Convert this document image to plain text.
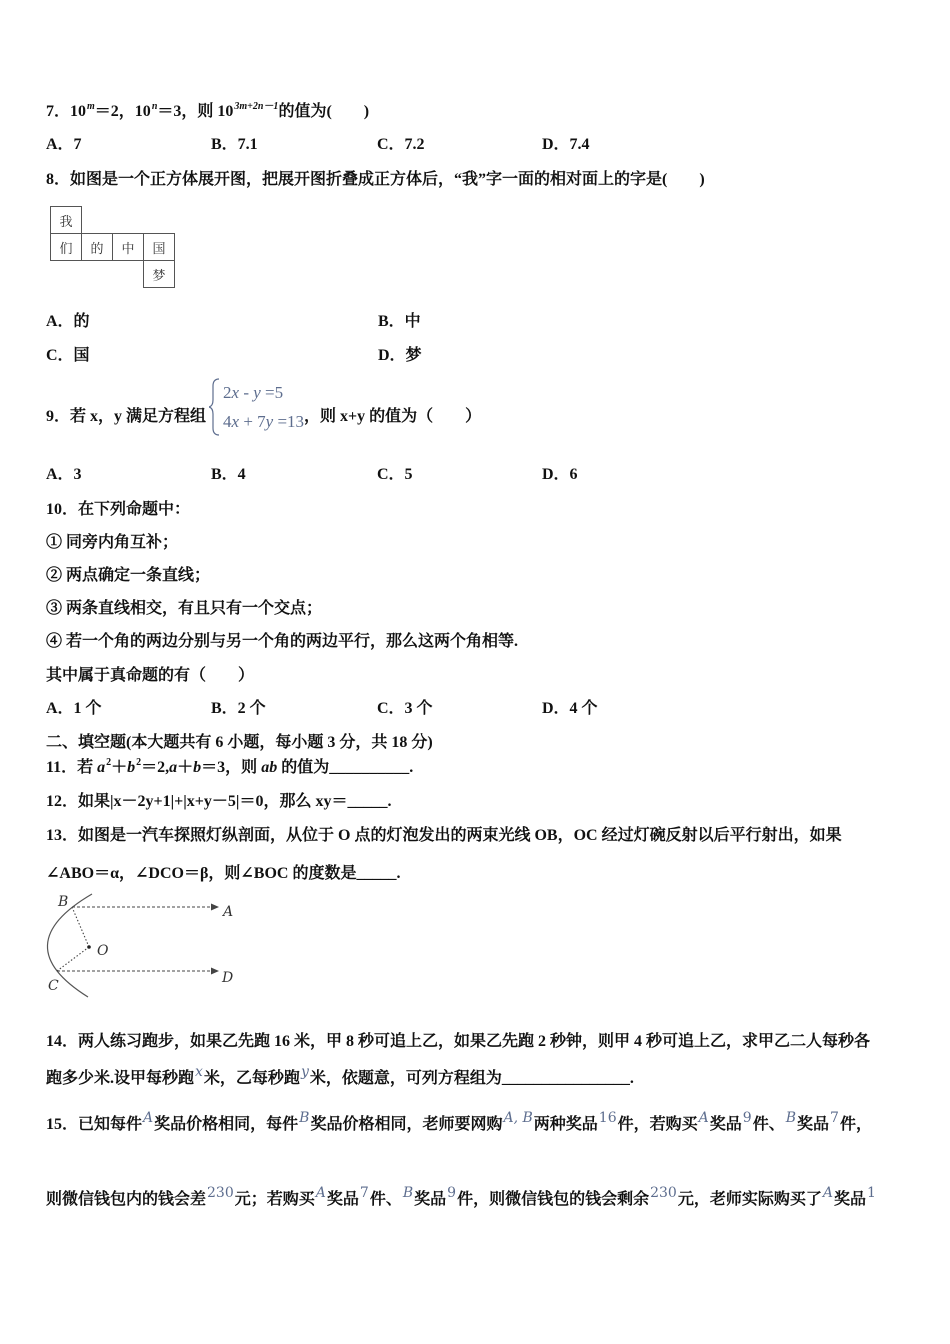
7．$10^m=2$，$10^n=3$，则 $10^{3m+2n-1}$的值为(　　)
A．7	B．7.1	C．7.2	D．7.4
8．如图是一个正方体展开图，把展开图折叠成正方体后，“我”字一面的相对面上的字是(　　)
我
们	的	中	国
梦
A．的	B．中
C．国	D．梦
9．若 x，y 满足方程组
2x - y =5
4x + 7y =13 ，则 x+y 的值为（　　）
A．3	B．4	C．5	D．6
10．在下列命题中：
① 同旁内角互补；
② 两点确定一条直线；
③ 两条直线相交，有且只有一个交点；
④ 若一个角的两边分别与另一个角的两边平行，那么这两个角相等.
其中属于真命题的有（　　）
A．1 个	B．2 个	C．3 个	D．4 个
二、填空题(本大题共有 6 小题，每小题 3 分，共 18 分)
11．若 $a^2+b^2=2,a+b=3$，则 ab 的值为__________.
12．如果|x－2y+1|+|x+y－5|＝0，那么 xy＝_____.
13．如图是一汽车探照灯纵剖面，从位于 O 点的灯泡发出的两束光线 OB，OC 经过灯碗反射以后平行射出，如果
∠ABO＝α，∠DCO＝β，则∠BOC 的度数是_____.
B
A
O
C	D
14．两人练习跑步，如果乙先跑 16 米，甲 8 秒可追上乙，如果乙先跑 2 秒钟，则甲 4 秒可追上乙，求甲乙二人每秒各
跑多少米.设甲每秒跑x米，乙每秒跑y米，依题意，可列方程组为________________.
15．已知每件A奖品价格相同，每件B奖品价格相同，老师要网购A, B两种奖品16件，若购买A奖品9件、B奖品7件，
则微信钱包内的钱会差230元；若购买A奖品7件、B奖品9件，则微信钱包的钱会剩余230元，老师实际购买了A奖品1
